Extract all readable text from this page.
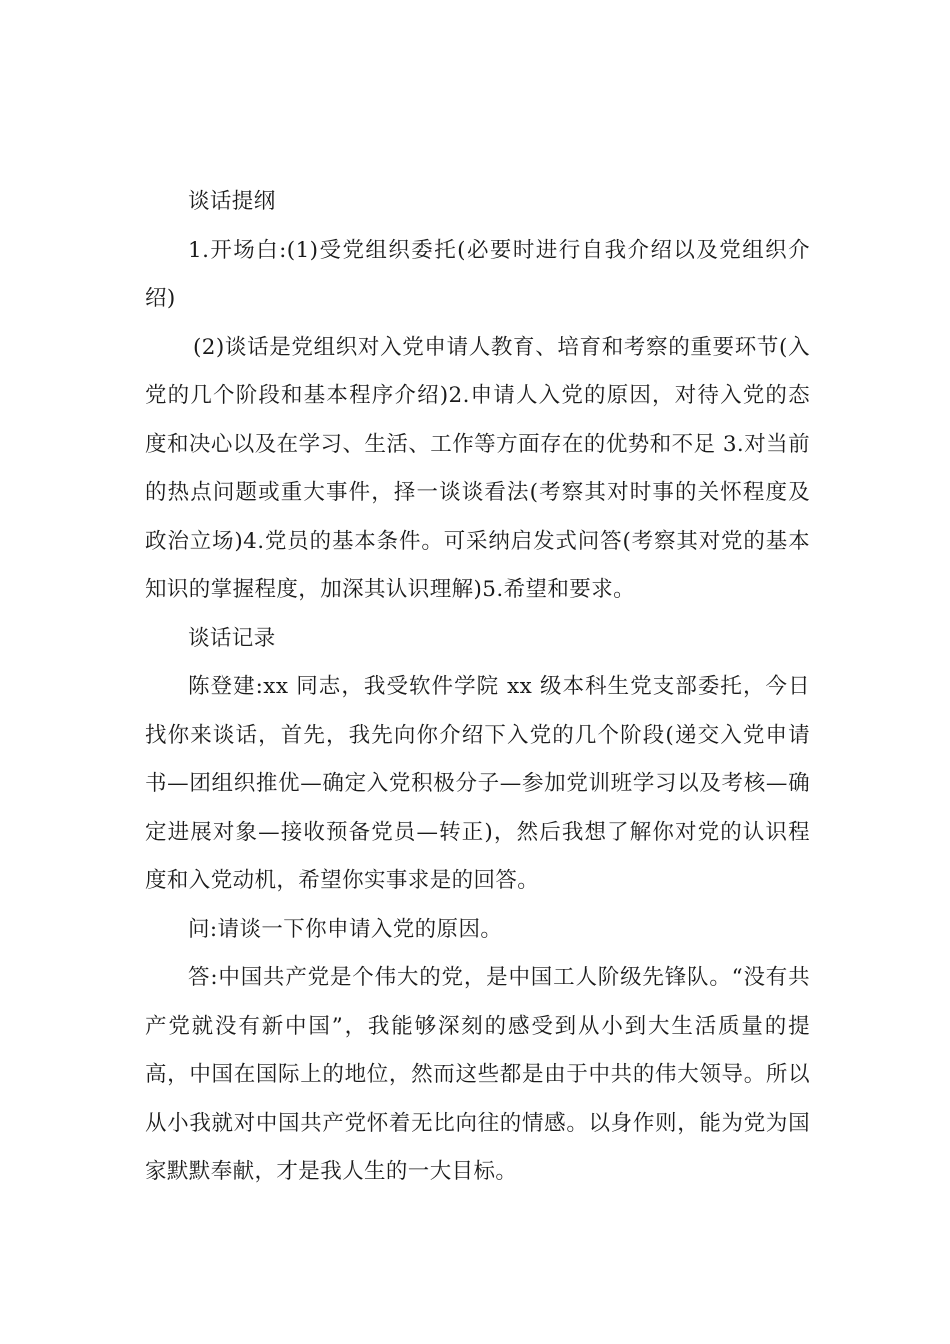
谈话提纲

1.开场白:(1)受党组织委托(必要时进行自我介绍以及党组织介绍)

(2)谈话是党组织对入党申请人教育、培育和考察的重要环节(入党的几个阶段和基本程序介绍)2.申请人入党的原因，对待入党的态度和决心以及在学习、生活、工作等方面存在的优势和不足 3.对当前的热点问题或重大事件，择一谈谈看法(考察其对时事的关怀程度及政治立场)4.党员的基本条件。可采纳启发式问答(考察其对党的基本知识的掌握程度，加深其认识理解)5.希望和要求。

谈话记录

陈登建:xx 同志，我受软件学院 xx 级本科生党支部委托，今日找你来谈话，首先，我先向你介绍下入党的几个阶段(递交入党申请书—团组织推优—确定入党积极分子—参加党训班学习以及考核—确定进展对象—接收预备党员—转正)，然后我想了解你对党的认识程度和入党动机，希望你实事求是的回答。

问:请谈一下你申请入党的原因。

答:中国共产党是个伟大的党，是中国工人阶级先锋队。“没有共产党就没有新中国”，我能够深刻的感受到从小到大生活质量的提高，中国在国际上的地位，然而这些都是由于中共的伟大领导。所以从小我就对中国共产党怀着无比向往的情感。以身作则，能为党为国家默默奉献，才是我人生的一大目标。
